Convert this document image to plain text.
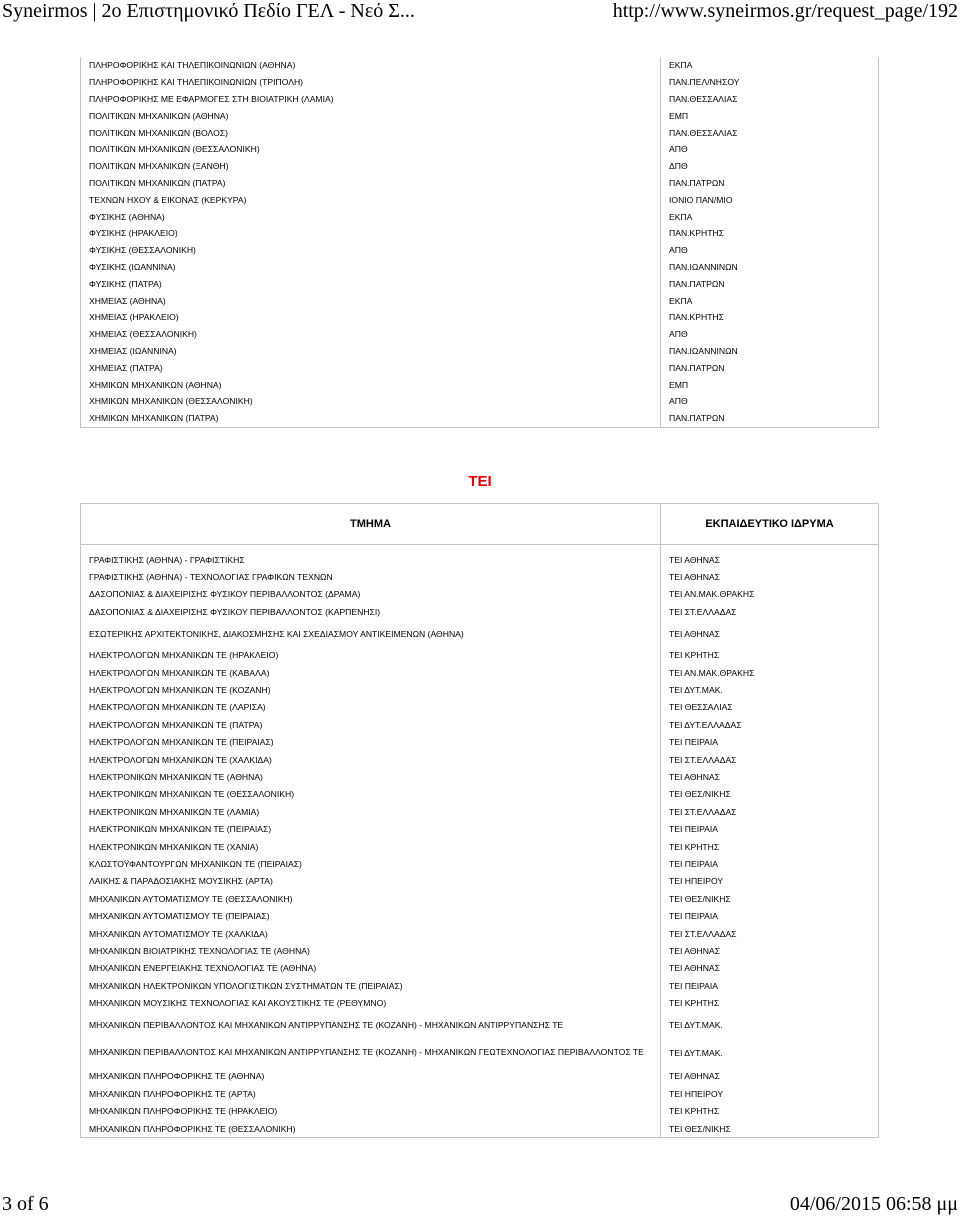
Syneirmos | 2ο Επιστημονικό Πεδίο ΓΕΛ - Νεό Σ...	http://www.syneirmos.gr/request_page/192
ΠΛΗΡΟΦΟΡΙΚΗΣ ΚΑΙ ΤΗΛΕΠΙΚΟΙΝΩΝΙΩΝ (ΑΘΗΝΑ)	ΕΚΠΑ
ΠΛΗΡΟΦΟΡΙΚΗΣ ΚΑΙ ΤΗΛΕΠΙΚΟΙΝΩΝΙΩΝ (ΤΡΙΠΟΛΗ)	ΠΑΝ.ΠΕΛ/ΝΗΣΟΥ
ΠΛΗΡΟΦΟΡΙΚΗΣ ΜΕ ΕΦΑΡΜΟΓΕΣ ΣΤΗ ΒΙΟΙΑΤΡΙΚΗ (ΛΑΜΙΑ)	ΠΑΝ.ΘΕΣΣΑΛΙΑΣ
ΠΟΛΙΤΙΚΩΝ ΜΗΧΑΝΙΚΩΝ (ΑΘΗΝΑ)	ΕΜΠ
ΠΟΛΙΤΙΚΩΝ ΜΗΧΑΝΙΚΩΝ (ΒΟΛΟΣ)	ΠΑΝ.ΘΕΣΣΑΛΙΑΣ
ΠΟΛΙΤΙΚΩΝ ΜΗΧΑΝΙΚΩΝ (ΘΕΣΣΑΛΟΝΙΚΗ)	ΑΠΘ
ΠΟΛΙΤΙΚΩΝ ΜΗΧΑΝΙΚΩΝ (ΞΑΝΘΗ)	ΔΠΘ
ΠΟΛΙΤΙΚΩΝ ΜΗΧΑΝΙΚΩΝ (ΠΑΤΡΑ)	ΠΑΝ.ΠΑΤΡΩΝ
ΤΕΧΝΩΝ ΗΧΟΥ & ΕΙΚΟΝΑΣ (ΚΕΡΚΥΡΑ)	ΙΟΝΙΟ ΠΑΝ/ΜΙΟ
ΦΥΣΙΚΗΣ (ΑΘΗΝΑ)	ΕΚΠΑ
ΦΥΣΙΚΗΣ (ΗΡΑΚΛΕΙΟ)	ΠΑΝ.ΚΡΗΤΗΣ
ΦΥΣΙΚΗΣ (ΘΕΣΣΑΛΟΝΙΚΗ)	ΑΠΘ
ΦΥΣΙΚΗΣ (ΙΩΑΝΝΙΝΑ)	ΠΑΝ.ΙΩΑΝΝΙΝΩΝ
ΦΥΣΙΚΗΣ (ΠΑΤΡΑ)	ΠΑΝ.ΠΑΤΡΩΝ
ΧΗΜΕΙΑΣ (ΑΘΗΝΑ)	ΕΚΠΑ
ΧΗΜΕΙΑΣ (ΗΡΑΚΛΕΙΟ)	ΠΑΝ.ΚΡΗΤΗΣ
ΧΗΜΕΙΑΣ (ΘΕΣΣΑΛΟΝΙΚΗ)	ΑΠΘ
ΧΗΜΕΙΑΣ (ΙΩΑΝΝΙΝΑ)	ΠΑΝ.ΙΩΑΝΝΙΝΩΝ
ΧΗΜΕΙΑΣ (ΠΑΤΡΑ)	ΠΑΝ.ΠΑΤΡΩΝ
ΧΗΜΙΚΩΝ ΜΗΧΑΝΙΚΩΝ (ΑΘΗΝΑ)	ΕΜΠ
ΧΗΜΙΚΩΝ ΜΗΧΑΝΙΚΩΝ (ΘΕΣΣΑΛΟΝΙΚΗ)	ΑΠΘ
ΧΗΜΙΚΩΝ ΜΗΧΑΝΙΚΩΝ (ΠΑΤΡΑ)	ΠΑΝ.ΠΑΤΡΩΝ
ΤΕΙ
ΤΜΗΜΑ	ΕΚΠΑΙΔΕΥΤΙΚΟ ΙΔΡΥΜΑ

ΓΡΑΦΙΣΤΙΚΗΣ (ΑΘΗΝΑ) - ΓΡΑΦΙΣΤΙΚΗΣ	ΤΕΙ ΑΘΗΝΑΣ
ΓΡΑΦΙΣΤΙΚΗΣ (ΑΘΗΝΑ) - ΤΕΧΝΟΛΟΓΙΑΣ ΓΡΑΦΙΚΩΝ ΤΕΧΝΩΝ	ΤΕΙ ΑΘΗΝΑΣ
ΔΑΣΟΠΟΝΙΑΣ & ΔΙΑΧΕΙΡΙΣΗΣ ΦΥΣΙΚΟΥ ΠΕΡΙΒΑΛΛΟΝΤΟΣ (ΔΡΑΜΑ)	ΤΕΙ ΑΝ.ΜΑΚ.ΘΡΑΚΗΣ
ΔΑΣΟΠΟΝΙΑΣ & ΔΙΑΧΕΙΡΙΣΗΣ ΦΥΣΙΚΟΥ ΠΕΡΙΒΑΛΛΟΝΤΟΣ (ΚΑΡΠΕΝΗΣΙ)	ΤΕΙ ΣΤ.ΕΛΛΑΔΑΣ
ΕΣΩΤΕΡΙΚΗΣ ΑΡΧΙΤΕΚΤΟΝΙΚΗΣ, ΔΙΑΚΟΣΜΗΣΗΣ ΚΑΙ ΣΧΕΔΙΑΣΜΟΥ ΑΝΤΙΚΕΙΜΕΝΩΝ (ΑΘΗΝΑ)	ΤΕΙ ΑΘΗΝΑΣ
ΗΛΕΚΤΡΟΛΟΓΩΝ ΜΗΧΑΝΙΚΩΝ ΤΕ (ΗΡΑΚΛΕΙΟ)	ΤΕΙ ΚΡΗΤΗΣ
ΗΛΕΚΤΡΟΛΟΓΩΝ ΜΗΧΑΝΙΚΩΝ ΤΕ (ΚΑΒΑΛΑ)	ΤΕΙ ΑΝ.ΜΑΚ.ΘΡΑΚΗΣ
ΗΛΕΚΤΡΟΛΟΓΩΝ ΜΗΧΑΝΙΚΩΝ ΤΕ (ΚΟΖΑΝΗ)	ΤΕΙ ΔΥΤ.ΜΑΚ.
ΗΛΕΚΤΡΟΛΟΓΩΝ ΜΗΧΑΝΙΚΩΝ ΤΕ (ΛΑΡΙΣΑ)	ΤΕΙ ΘΕΣΣΑΛΙΑΣ
ΗΛΕΚΤΡΟΛΟΓΩΝ ΜΗΧΑΝΙΚΩΝ ΤΕ (ΠΑΤΡΑ)	ΤΕΙ ΔΥΤ.ΕΛΛΑΔΑΣ
ΗΛΕΚΤΡΟΛΟΓΩΝ ΜΗΧΑΝΙΚΩΝ ΤΕ (ΠΕΙΡΑΙΑΣ)	ΤΕΙ ΠΕΙΡΑΙΑ
ΗΛΕΚΤΡΟΛΟΓΩΝ ΜΗΧΑΝΙΚΩΝ ΤΕ (ΧΑΛΚΙΔΑ)	ΤΕΙ ΣΤ.ΕΛΛΑΔΑΣ
ΗΛΕΚΤΡΟΝΙΚΩΝ ΜΗΧΑΝΙΚΩΝ ΤΕ (ΑΘΗΝΑ)	ΤΕΙ ΑΘΗΝΑΣ
ΗΛΕΚΤΡΟΝΙΚΩΝ ΜΗΧΑΝΙΚΩΝ ΤΕ (ΘΕΣΣΑΛΟΝΙΚΗ)	ΤΕΙ ΘΕΣ/ΝΙΚΗΣ
ΗΛΕΚΤΡΟΝΙΚΩΝ ΜΗΧΑΝΙΚΩΝ ΤΕ (ΛΑΜΙΑ)	ΤΕΙ ΣΤ.ΕΛΛΑΔΑΣ
ΗΛΕΚΤΡΟΝΙΚΩΝ ΜΗΧΑΝΙΚΩΝ ΤΕ (ΠΕΙΡΑΙΑΣ)	ΤΕΙ ΠΕΙΡΑΙΑ
ΗΛΕΚΤΡΟΝΙΚΩΝ ΜΗΧΑΝΙΚΩΝ ΤΕ (ΧΑΝΙΑ)	ΤΕΙ ΚΡΗΤΗΣ
ΚΛΩΣΤΟΫΦΑΝΤΟΥΡΓΩΝ ΜΗΧΑΝΙΚΩΝ ΤΕ (ΠΕΙΡΑΙΑΣ)	ΤΕΙ ΠΕΙΡΑΙΑ
ΛΑΙΚΗΣ & ΠΑΡΑΔΟΣΙΑΚΗΣ ΜΟΥΣΙΚΗΣ (ΑΡΤΑ)	ΤΕΙ ΗΠΕΙΡΟΥ
ΜΗΧΑΝΙΚΩΝ ΑΥΤΟΜΑΤΙΣΜΟΥ ΤΕ (ΘΕΣΣΑΛΟΝΙΚΗ)	ΤΕΙ ΘΕΣ/ΝΙΚΗΣ
ΜΗΧΑΝΙΚΩΝ ΑΥΤΟΜΑΤΙΣΜΟΥ ΤΕ (ΠΕΙΡΑΙΑΣ)	ΤΕΙ ΠΕΙΡΑΙΑ
ΜΗΧΑΝΙΚΩΝ ΑΥΤΟΜΑΤΙΣΜΟΥ ΤΕ (ΧΑΛΚΙΔΑ)	ΤΕΙ ΣΤ.ΕΛΛΑΔΑΣ
ΜΗΧΑΝΙΚΩΝ ΒΙΟΙΑΤΡΙΚΗΣ ΤΕΧΝΟΛΟΓΙΑΣ ΤΕ (ΑΘΗΝΑ)	ΤΕΙ ΑΘΗΝΑΣ
ΜΗΧΑΝΙΚΩΝ ΕΝΕΡΓΕΙΑΚΗΣ ΤΕΧΝΟΛΟΓΙΑΣ ΤΕ (ΑΘΗΝΑ)	ΤΕΙ ΑΘΗΝΑΣ
ΜΗΧΑΝΙΚΩΝ ΗΛΕΚΤΡΟΝΙΚΩΝ ΥΠΟΛΟΓΙΣΤΙΚΩΝ ΣΥΣΤΗΜΑΤΩΝ ΤΕ (ΠΕΙΡΑΙΑΣ)	ΤΕΙ ΠΕΙΡΑΙΑ
ΜΗΧΑΝΙΚΩΝ ΜΟΥΣΙΚΗΣ ΤΕΧΝΟΛΟΓΙΑΣ ΚΑΙ ΑΚΟΥΣΤΙΚΗΣ ΤΕ (ΡΕΘΥΜΝΟ)	ΤΕΙ ΚΡΗΤΗΣ
ΜΗΧΑΝΙΚΩΝ ΠΕΡΙΒΑΛΛΟΝΤΟΣ ΚΑΙ ΜΗΧΑΝΙΚΩΝ ΑΝΤΙΡΡΥΠΑΝΣΗΣ ΤΕ (ΚΟΖΑΝΗ) - ΜΗΧΑΝΙΚΩΝ ΑΝΤΙΡΡΥΠΑΝΣΗΣ ΤΕ	ΤΕΙ ΔΥΤ.ΜΑΚ.
ΜΗΧΑΝΙΚΩΝ ΠΕΡΙΒΑΛΛΟΝΤΟΣ ΚΑΙ ΜΗΧΑΝΙΚΩΝ ΑΝΤΙΡΡΥΠΑΝΣΗΣ ΤΕ (ΚΟΖΑΝΗ) - ΜΗΧΑΝΙΚΩΝ ΓΕΩΤΕΧΝΟΛΟΓΙΑΣ ΠΕΡΙΒΑΛΛΟΝΤΟΣ ΤΕ	ΤΕΙ ΔΥΤ.ΜΑΚ.
ΜΗΧΑΝΙΚΩΝ ΠΛΗΡΟΦΟΡΙΚΗΣ ΤΕ (ΑΘΗΝΑ)	ΤΕΙ ΑΘΗΝΑΣ
ΜΗΧΑΝΙΚΩΝ ΠΛΗΡΟΦΟΡΙΚΗΣ ΤΕ (ΑΡΤΑ)	ΤΕΙ ΗΠΕΙΡΟΥ
ΜΗΧΑΝΙΚΩΝ ΠΛΗΡΟΦΟΡΙΚΗΣ ΤΕ (ΗΡΑΚΛΕΙΟ)	ΤΕΙ ΚΡΗΤΗΣ
ΜΗΧΑΝΙΚΩΝ ΠΛΗΡΟΦΟΡΙΚΗΣ ΤΕ (ΘΕΣΣΑΛΟΝΙΚΗ)	ΤΕΙ ΘΕΣ/ΝΙΚΗΣ
3 of 6	04/06/2015 06:58 μμ
